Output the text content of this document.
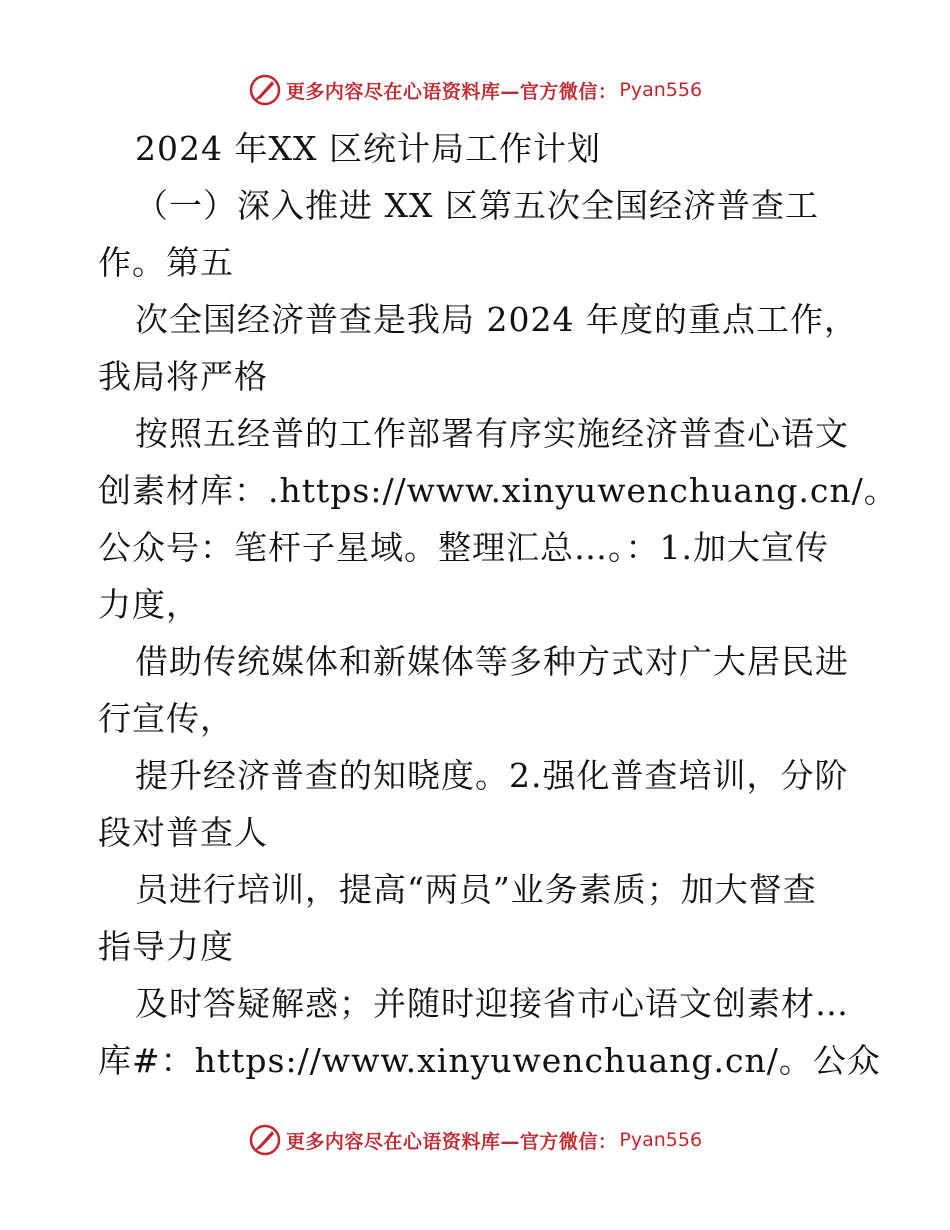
更多内容尽在心语资料库—官方微信： Pyan556
2024 年XX 区统计局工作计划
（一）深入推进 XX 区第五次全国经济普查工
作。第五
次全国经济普查是我局 2024 年度的重点工作，
我局将严格
按照五经普的工作部署有序实施经济普查心语文
创素材库：.https://www.xinyuwenchuang.cn/。
公众号：笔杆子星域。整理汇总…。：1.加大宣传
力度，
借助传统媒体和新媒体等多种方式对广大居民进
行宣传，
提升经济普查的知晓度。2.强化普查培训，分阶
段对普查人
员进行培训，提高“两员”业务素质；加大督查
指导力度
及时答疑解惑；并随时迎接省市心语文创素材…
库#：https://www.xinyuwenchuang.cn/。公众
更多内容尽在心语资料库—官方微信： Pyan556
